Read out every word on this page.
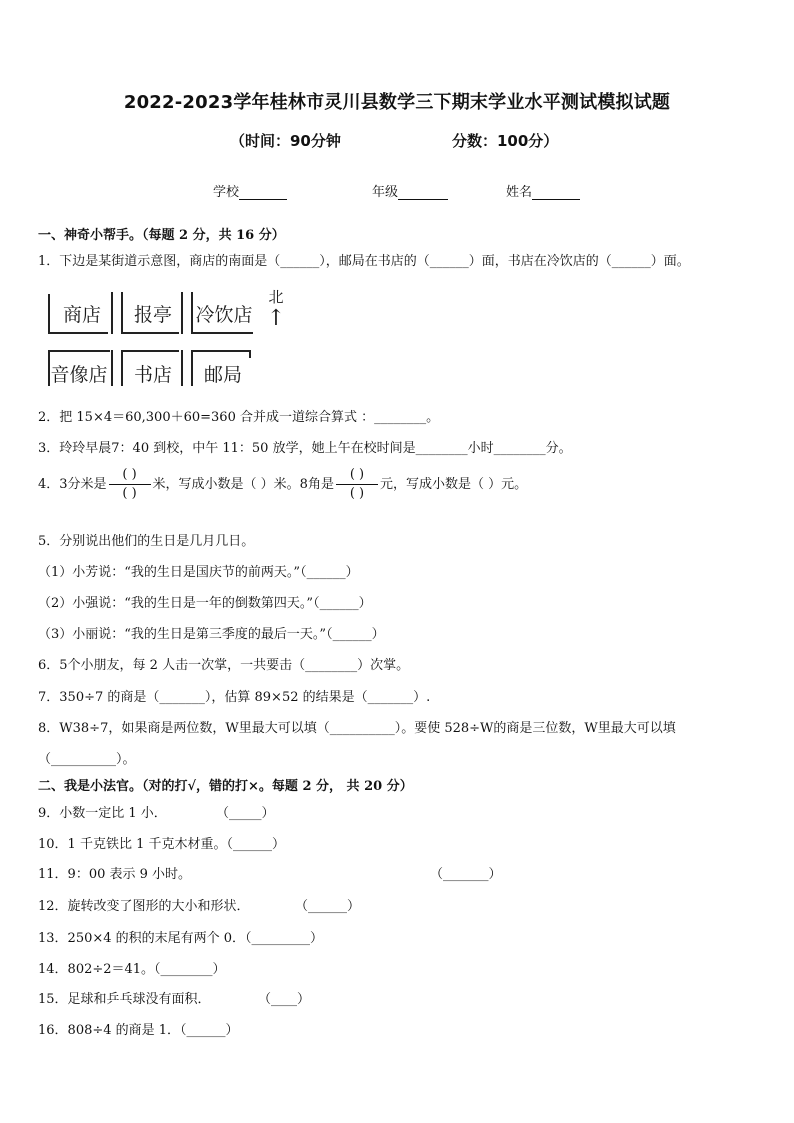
2022-2023学年桂林市灵川县数学三下期末学业水平测试模拟试题
（时间：90分钟	分数：100分）
学校	年级	姓名
一、神奇小帮手。（每题 2 分，共 16 分）
1．下边是某街道示意图，商店的南面是（______），邮局在书店的（______）面，书店在冷饮店的（______）面。
商店	报亭	冷饮店
音像店	书店	邮局
北
↑
2．把 15×4＝60,300＋60=360 合并成一道综合算式 ：________。
3．玲玲早晨7：40 到校，中午 11：50 放学，她上午在校时间是________小时________分。
4．3分米是 $\frac{( )}{( )}$ 米，写成小数是（ ）米。8角是 $\frac{( )}{( )}$ 元，写成小数是（ ）元。
5．分别说出他们的生日是几月几日。
（1）小芳说：“我的生日是国庆节的前两天。”（______）
（2）小强说：“我的生日是一年的倒数第四天。”（______）
（3）小丽说：“我的生日是第三季度的最后一天。”（______）
6．5个小朋友，每 2 人击一次掌，一共要击（________）次掌。
7．350÷7 的商是（_______），估算 89×52 的结果是（_______）.
8．W38÷7，如果商是两位数，W里最大可以填（__________）。要使 528÷W的商是三位数，W里最大可以填
（__________）。
二、我是小法官。（对的打√，错的打×。每题 2 分， 共 20 分）
9．小数一定比 1 小．	（_____）
10．1 千克铁比 1 千克木材重。（______）
11．9：00 表示 9 小时。	（_______）
12．旋转改变了图形的大小和形状．	（______）
13．250×4 的积的末尾有两个 0．（_________）
14．802÷2＝41。（________）
15．足球和乒乓球没有面积．	（____）
16．808÷4 的商是 1．（______）
